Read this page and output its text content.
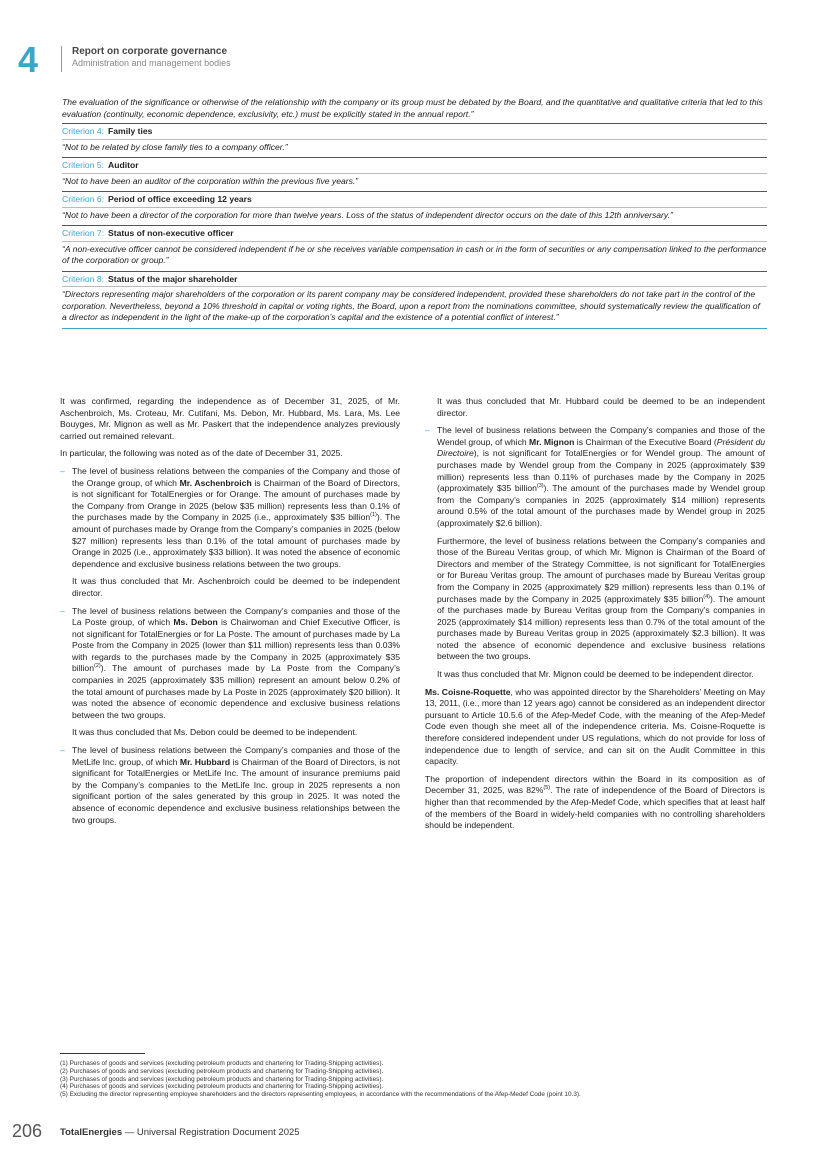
4	Report on corporate governance
Administration and management bodies

The evaluation of the significance or otherwise of the relationship with the company or its group must be debated by the Board, and the quantitative and qualitative criteria that led to this evaluation (continuity, economic dependence, exclusivity, etc.) must be explicitly stated in the annual report.”

Criterion 4: Family ties
“Not to be related by close family ties to a company officer.”
Criterion 5: Auditor
“Not to have been an auditor of the corporation within the previous five years.”
Criterion 6: Period of office exceeding 12 years
“Not to have been a director of the corporation for more than twelve years. Loss of the status of independent director occurs on the date of this 12th anniversary.”
Criterion 7: Status of non-executive officer
“A non-executive officer cannot be considered independent if he or she receives variable compensation in cash or in the form of securities or any compensation linked to the performance of the corporation or group.”
Criterion 8: Status of the major shareholder
“Directors representing major shareholders of the corporation or its parent company may be considered independent, provided these shareholders do not take part in the control of the corporation. Nevertheless, beyond a 10% threshold in capital or voting rights, the Board, upon a report from the nominations committee, should systematically review the qualification of a director as independent in the light of the make-up of the corporation’s capital and the existence of a potential conflict of interest.”

It was confirmed, regarding the independence as of December 31, 2025, of Mr. Aschenbroich, Ms. Croteau, Mr. Cutifani, Ms. Debon, Mr. Hubbard, Ms. Lara, Ms. Lee Bouyges, Mr. Mignon as well as Mr. Paskert that the independence analyzes previously carried out remained relevant.

In particular, the following was noted as of the date of December 31, 2025.

– The level of business relations between the companies of the Company and those of the Orange group, of which Mr. Aschenbroich is Chairman of the Board of Directors, is not significant for TotalEnergies or for Orange. The amount of purchases made by the Company from Orange in 2025 (below $35 million) represents less than 0.1% of the purchases made by the Company in 2025 (i.e., approximately $35 billion$^{(1)}$). The amount of purchases made by Orange from the Company’s companies in 2025 (below $27 million) represents less than 0.1% of the total amount of purchases made by Orange in 2025 (i.e., approximately $33 billion). It was noted the absence of economic dependence and exclusive business relations between the two groups.

It was thus concluded that Mr. Aschenbroich could be deemed to be independent director.

– The level of business relations between the Company’s companies and those of the La Poste group, of which Ms. Debon is Chairwoman and Chief Executive Officer, is not significant for TotalEnergies or for La Poste. The amount of purchases made by La Poste from the Company in 2025 (lower than $11 million) represents less than 0.03% with regards to the purchases made by the Company in 2025 (approximately $35 billion$^{(2)}$). The amount of purchases made by La Poste from the Company’s companies in 2025 (approximately $35 million) represent an amount below 0.2% of the total amount of purchases made by La Poste in 2025 (approximately $20 billion). It was noted the absence of economic dependence and exclusive business relations between the two groups.

It was thus concluded that Ms. Debon could be deemed to be independent.

– The level of business relations between the Company’s companies and those of the MetLife Inc. group, of which Mr. Hubbard is Chairman of the Board of Directors, is not significant for TotalEnergies or MetLife Inc. The amount of insurance premiums paid by the Company’s companies to the MetLife Inc. group in 2025 represents a non significant portion of the sales generated by this group in 2025. It was noted the absence of economic dependence and exclusive business relationships between the two groups.

It was thus concluded that Mr. Hubbard could be deemed to be an independent director.

– The level of business relations between the Company’s companies and those of the Wendel group, of which Mr. Mignon is Chairman of the Executive Board (Président du Directoire), is not significant for TotalEnergies or for Wendel group. The amount of purchases made by Wendel group from the Company in 2025 (approximately $39 million) represents less than 0.11% of purchases made by the Company in 2025 (approximately $35 billion$^{(3)}$). The amount of the purchases made by Wendel group from the Company’s companies in 2025 (approximately $14 million) represents around 0.5% of the total amount of the purchases made by Wendel group in 2025 (approximately $2.6 billion).

Furthermore, the level of business relations between the Company’s companies and those of the Bureau Veritas group, of which Mr. Mignon is Chairman of the Board of Directors and member of the Strategy Committee, is not significant for TotalEnergies or for Bureau Veritas group. The amount of purchases made by Bureau Veritas group from the Company in 2025 (approximately $29 million) represents less than 0.1% of purchases made by the Company in 2025 (approximately $35 billion$^{(4)}$). The amount of the purchases made by Bureau Veritas group from the Company’s companies in 2025 (approximately $14 million) represents less than 0.7% of the total amount of the purchases made by Bureau Veritas group in 2025 (approximately $2.3 billion). It was noted the absence of economic dependence and exclusive business relations between the two groups.

It was thus concluded that Mr. Mignon could be deemed to be independent director.

Ms. Coisne-Roquette, who was appointed director by the Shareholders’ Meeting on May 13, 2011, (i.e., more than 12 years ago) cannot be considered as an independent director pursuant to Article 10.5.6 of the Afep-Medef Code, with the meaning of the Afep-Medef Code even though she meet all of the independence criteria. Ms. Coisne-Roquette is therefore considered independent under US regulations, which do not provide for loss of independence due to length of service, and can sit on the Audit Committee in this capacity.

The proportion of independent directors within the Board in its composition as of December 31, 2025, was 82%$^{(5)}$. The rate of independence of the Board of Directors is higher than that recommended by the Afep-Medef Code, which specifies that at least half of the members of the Board in widely-held companies with no controlling shareholders should be independent.

(1) Purchases of goods and services (excluding petroleum products and chartering for Trading-Shipping activities).
(2) Purchases of goods and services (excluding petroleum products and chartering for Trading-Shipping activities).
(3) Purchases of goods and services (excluding petroleum products and chartering for Trading-Shipping activities).
(4) Purchases of goods and services (excluding petroleum products and chartering for Trading-Shipping activities).
(5) Excluding the director representing employee shareholders and the directors representing employees, in accordance with the recommendations of the Afep-Medef Code (point 10.3).
206 TotalEnergies — Universal Registration Document 2025
